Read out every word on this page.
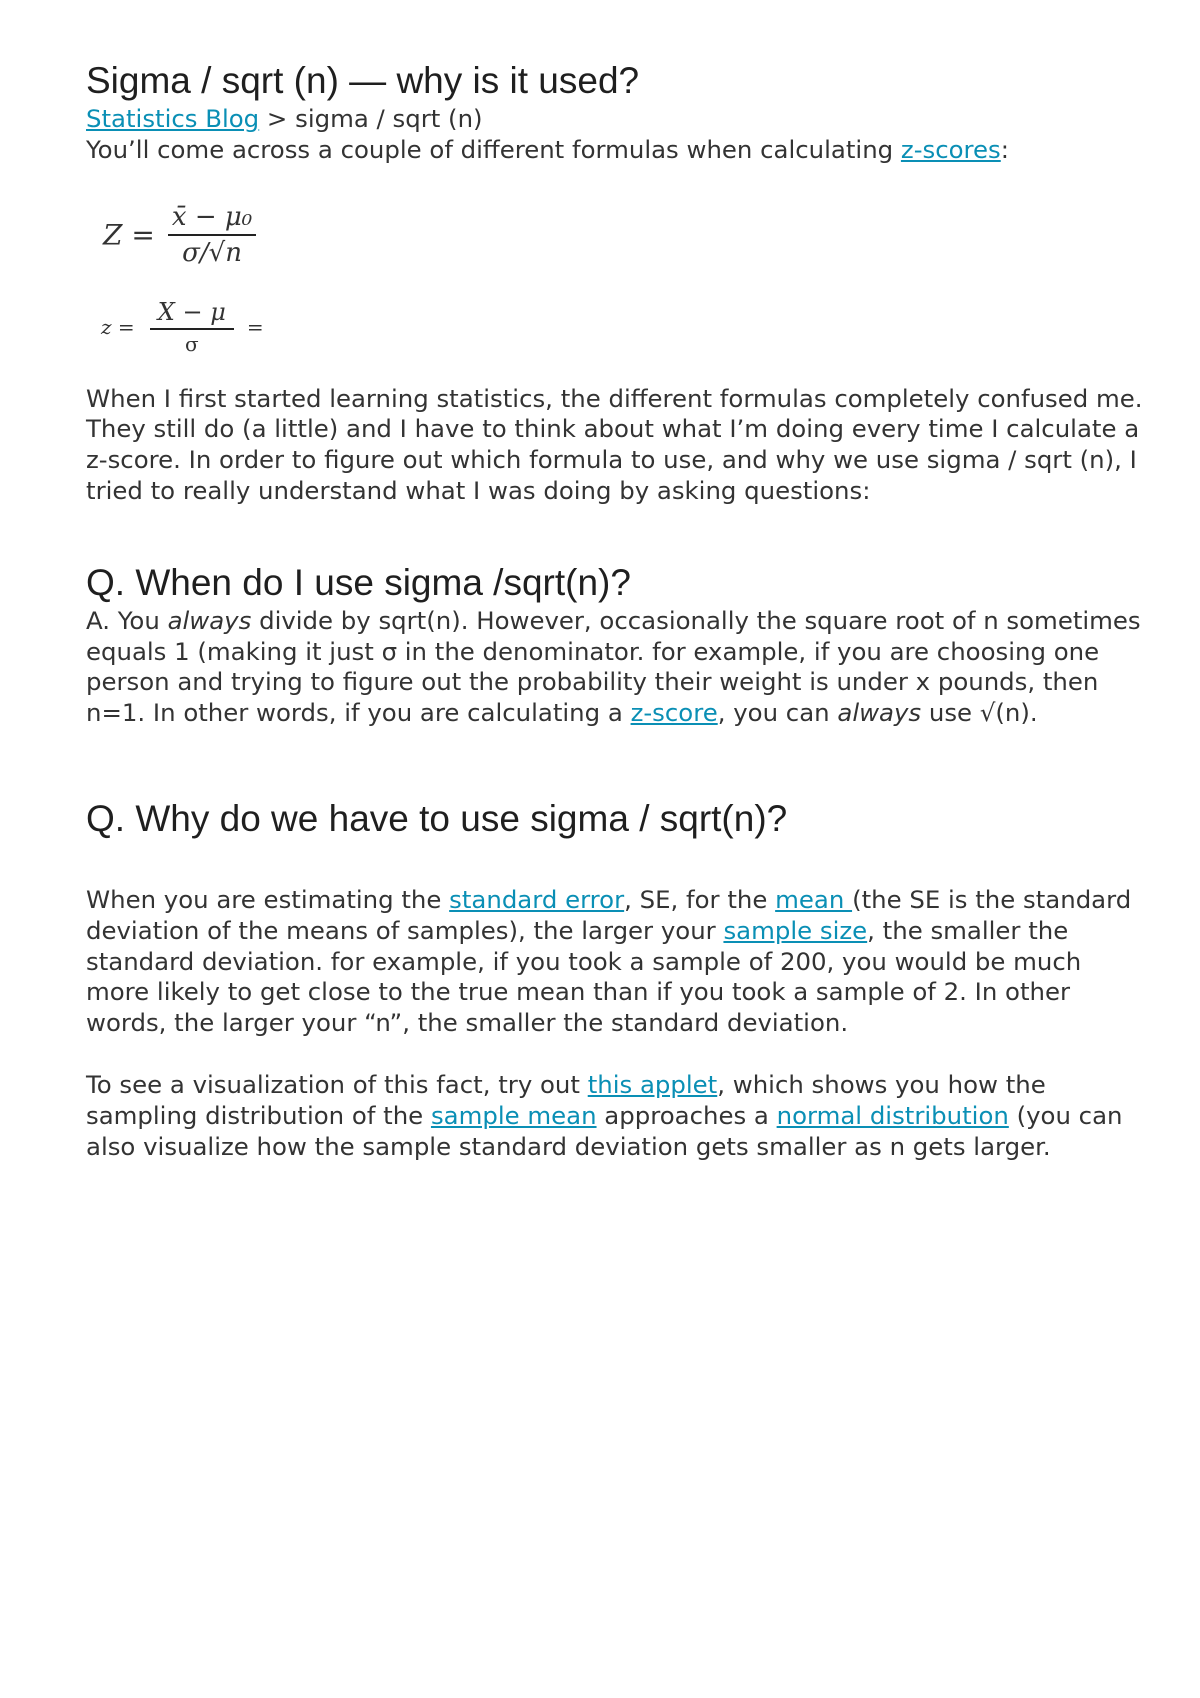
Sigma / sqrt (n) — why is it used?

Statistics Blog > sigma / sqrt (n)

You’ll come across a couple of different formulas when calculating z-scores:

$Z = \frac{\text{x̄ − μ₀}}{\sigma/√n}$
$z = \frac{X - \mu}{\sigma}$ =

When I first started learning statistics, the different formulas completely confused me. They still do (a little) and I have to think about what I’m doing every time I calculate a z-score. In order to figure out which formula to use, and why we use sigma / sqrt (n), I tried to really understand what I was doing by asking questions:

Q. When do I use sigma /sqrt(n)?

A. You always divide by sqrt(n). However, occasionally the square root of n sometimes equals 1 (making it just σ in the denominator. for example, if you are choosing one person and trying to figure out the probability their weight is under x pounds, then n=1. In other words, if you are calculating a z-score, you can always use √(n).

Q. Why do we have to use sigma / sqrt(n)?

When you are estimating the standard error, SE, for the mean (the SE is the standard deviation of the means of samples), the larger your sample size, the smaller the standard deviation. for example, if you took a sample of 200, you would be much more likely to get close to the true mean than if you took a sample of 2. In other words, the larger your “n”, the smaller the standard deviation.

To see a visualization of this fact, try out this applet, which shows you how the sampling distribution of the sample mean approaches a normal distribution (you can also visualize how the sample standard deviation gets smaller as n gets larger.
